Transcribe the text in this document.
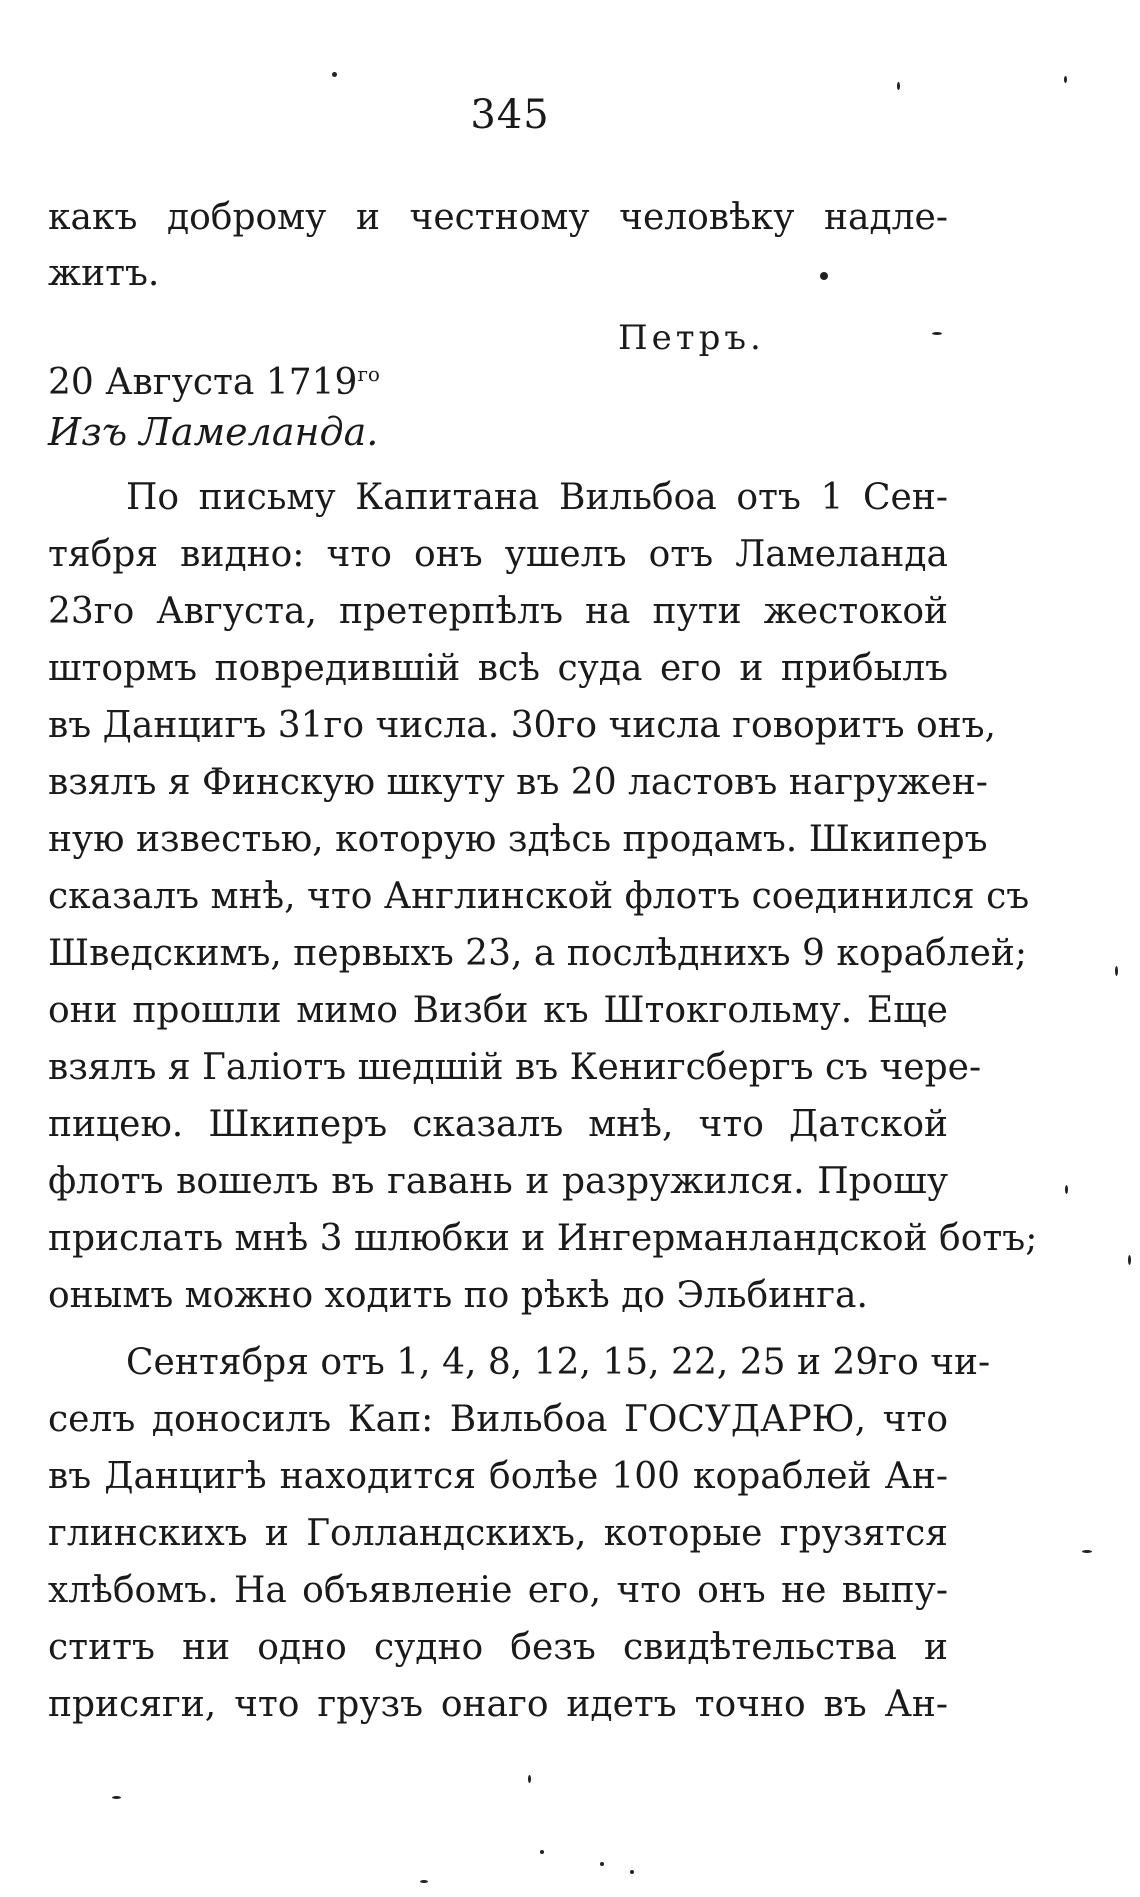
345
какъ доброму и честному человѣку надле-
житъ.
Петръ.
20 Августа $1719^{го}$
Изъ Ламеланда.
По письму Капитана Вильбоа отъ 1 Сен-
тября видно: что онъ ушелъ отъ Ламеланда
23го Августа, претерпѣлъ на пути жестокой
штормъ повредившій всѣ суда его и прибылъ
въ Данцигъ 31го числа. 30го числа говоритъ онъ,
взялъ я Финскую шкуту въ 20 ластовъ нагружен-
ную известью, которую здѣсь продамъ. Шкиперъ
сказалъ мнѣ, что Англинской флотъ соединился съ
Шведскимъ, первыхъ 23, а послѣднихъ 9 кораблей;
они прошли мимо Визби къ Штокгольму. Еще
взялъ я Галіотъ шедшій въ Кенигсбергъ съ чере-
пицею. Шкиперъ сказалъ мнѣ, что Датской
флотъ вошелъ въ гавань и разружился. Прошу
прислать мнѣ 3 шлюбки и Ингерманландской ботъ;
онымъ можно ходить по рѣкѣ до Эльбинга.
Сентября отъ 1, 4, 8, 12, 15, 22, 25 и 29го чи-
селъ доносилъ Кап: Вильбоа ГОСУДАРЮ, что
въ Данцигѣ находится болѣе 100 кораблей Ан-
глинскихъ и Голландскихъ, которые грузятся
хлѣбомъ. На объявленіе его, что онъ не выпу-
ститъ ни одно судно безъ свидѣтельства и
присяги, что грузъ онаго идетъ точно въ Ан-
